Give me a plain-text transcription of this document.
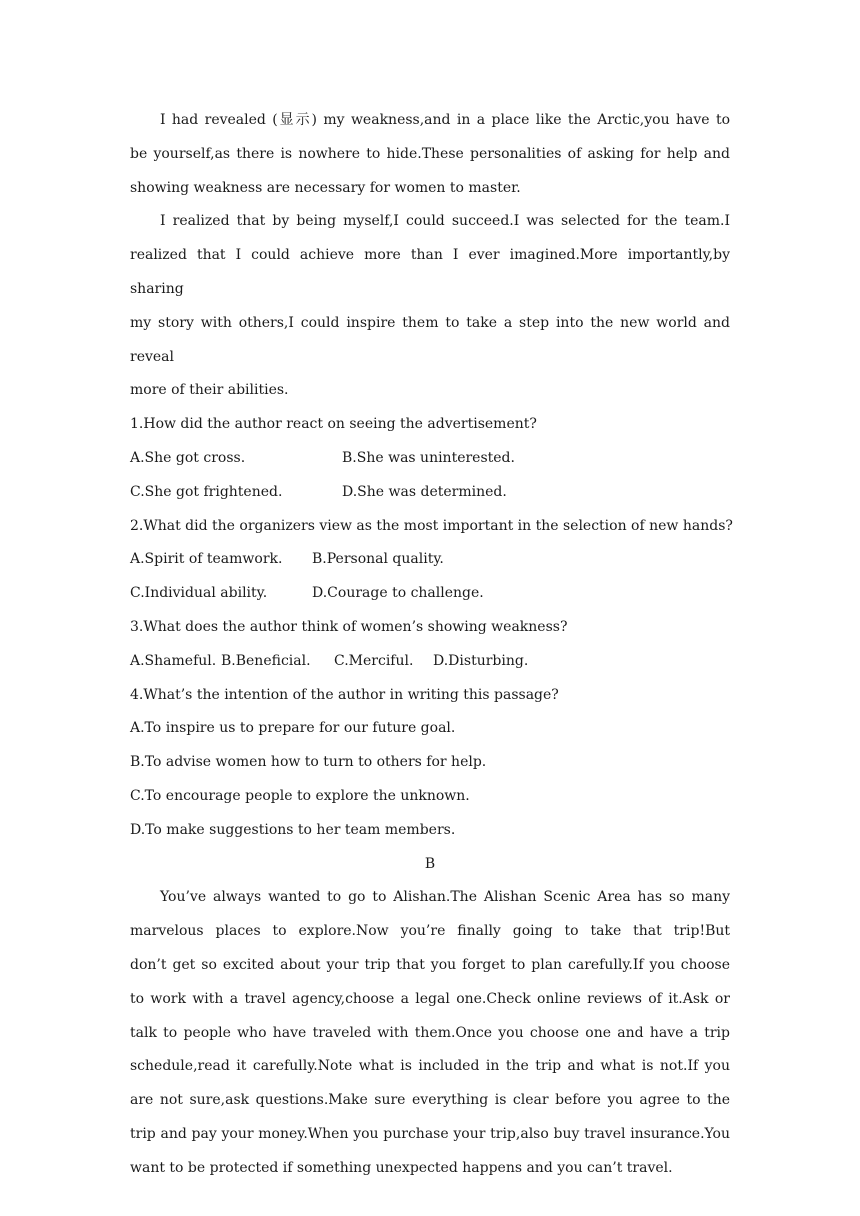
I had revealed (显示) my weakness,and in a place like the Arctic,you have to
be yourself,as there is nowhere to hide.These personalities of asking for help and
showing weakness are necessary for women to master.
I realized that by being myself,I could succeed.I was selected for the team.I
realized that I could achieve more than I ever imagined.More importantly,by sharing
my story with others,I could inspire them to take a step into the new world and reveal
more of their abilities.
1.How did the author react on seeing the advertisement?
A.She got cross.	B.She was uninterested.
C.She got frightened.	D.She was determined.
2.What did the organizers view as the most important in the selection of new hands?
A.Spirit of teamwork.	B.Personal quality.
C.Individual ability.	D.Courage to challenge.
3.What does the author think of women’s showing weakness?
A.Shameful. B.Beneficial.	C.Merciful.	D.Disturbing.
4.What’s the intention of the author in writing this passage?
A.To inspire us to prepare for our future goal.
B.To advise women how to turn to others for help.
C.To encourage people to explore the unknown.
D.To make suggestions to her team members.
B
You’ve always wanted to go to Alishan.The Alishan Scenic Area has so many
marvelous places to explore.Now you’re finally going to take that trip!But
don’t get so excited about your trip that you forget to plan carefully.If you choose
to work with a travel agency,choose a legal one.Check online reviews of it.Ask or
talk to people who have traveled with them.Once you choose one and have a trip
schedule,read it carefully.Note what is included in the trip and what is not.If you
are not sure,ask questions.Make sure everything is clear before you agree to the
trip and pay your money.When you purchase your trip,also buy travel insurance.You
want to be protected if something unexpected happens and you can’t travel.
